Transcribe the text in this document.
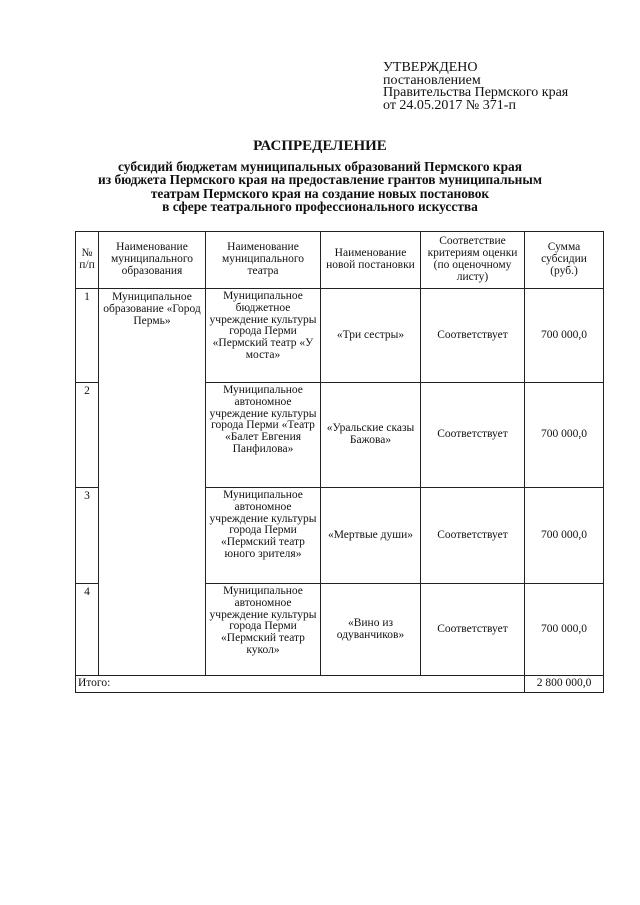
УТВЕРЖДЕНО
постановлением
Правительства Пермского края
от 24.05.2017 № 371-п
РАСПРЕДЕЛЕНИЕ
субсидий бюджетам муниципальных образований Пермского края
из бюджета Пермского края на предоставление грантов муниципальным
театрам Пермского края на создание новых постановок
в сфере театрального профессионального искусства
№ п/п	Наименование муниципального образования	Наименование муниципального театра	Наименование новой постановки	Соответствие критериям оценки (по оценочному листу)	Сумма субсидии (руб.)
1	Муниципальное образование «Город Пермь»	Муниципальное бюджетное учреждение культуры города Перми «Пермский театр «У моста»	«Три сестры»	Соответствует	700 000,0
2		Муниципальное автономное учреждение культуры города Перми «Театр «Балет Евгения Панфилова»	«Уральские сказы Бажова»	Соответствует	700 000,0
3		Муниципальное автономное учреждение культуры города Перми «Пермский театр юного зрителя»	«Мертвые души»	Соответствует	700 000,0
4		Муниципальное автономное учреждение культуры города Перми «Пермский театр кукол»	«Вино из одуванчиков»	Соответствует	700 000,0
Итого:					2 800 000,0
